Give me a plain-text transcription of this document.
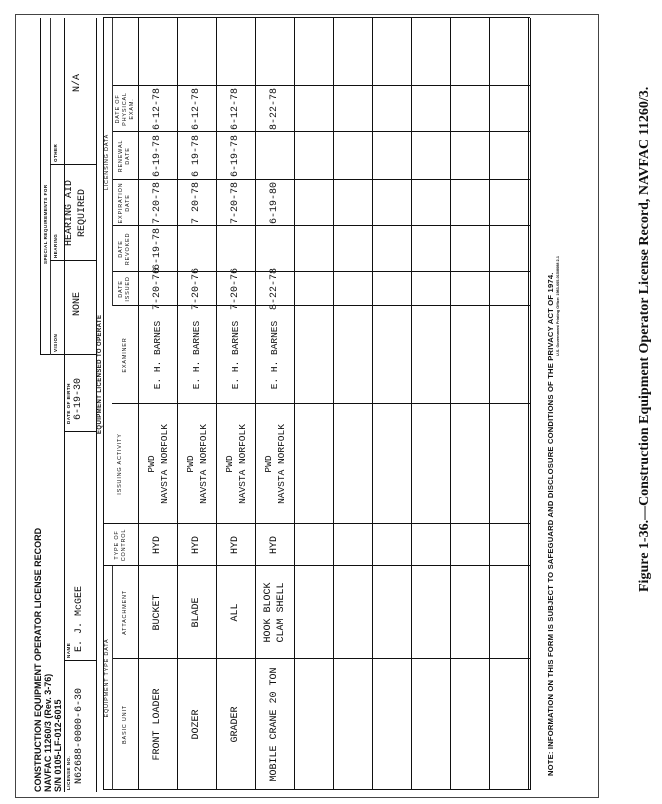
CONSTRUCTION EQUIPMENT OPERATOR LICENSE RECORD NAVFAC 11260/3 (Rev. 3-76) S/N 0105-LF-012-6015 LICENSE NO. N62688-0000-6-30
NAME E. J. McGEE
DATE OF BIRTH 6-19-30
SPECIAL REQUIREMENTS FOR
VISION
NONE
HEARING HEARING AID
REQUIRED
OTHER
N/A
EQUIPMENT LICENSED TO OPERATE	NOTE: INFORMATION ON THIS FORM IS SUBJECT TO SAFEGUARD AND DISCLOSURE CONDITIONS OF THE PRIVACY ACT OF 1974. U.S. Government Printing Office: 1983-605-015/8088 2-1	Figure 1-36.—Construction Equipment Operator License Record, NAVFAC 11260/3.
EQUIPMENT TYPE DATA
LICENSING DATA
BASIC UNIT
ATTACHMENT
TYPE OF
CONTROL
ISSUING ACTIVITY
EXAMINER
DATE
ISSUED
DATE
REVOKED
EXPIRATION
DATE
RENEWAL
DATE
DATE OF
PHYSICAL
EXAM.
FRONT LOADER
BUCKET
HYD
PWD
NAVSTA NORFOLK
E. H. BARNES
7-20-76
6-19-78
7-20-78
6-19-78
6-12-78
DOZER
BLADE
HYD
PWD
NAVSTA NORFOLK
E. H. BARNES
7-20-76
7 20-78
6 19-78
6-12-78
GRADER
ALL
HYD
PWD
NAVSTA NORFOLK
E. H. BARNES
7-20-76
7-20-78
6-19-78
6-12-78
MOBILE CRANE 20 TON
HOOK BLOCK
CLAM SHELL
HYD
PWD
NAVSTA NORFOLK
E. H. BARNES
8-22-78
6-19-80
8-22-78
